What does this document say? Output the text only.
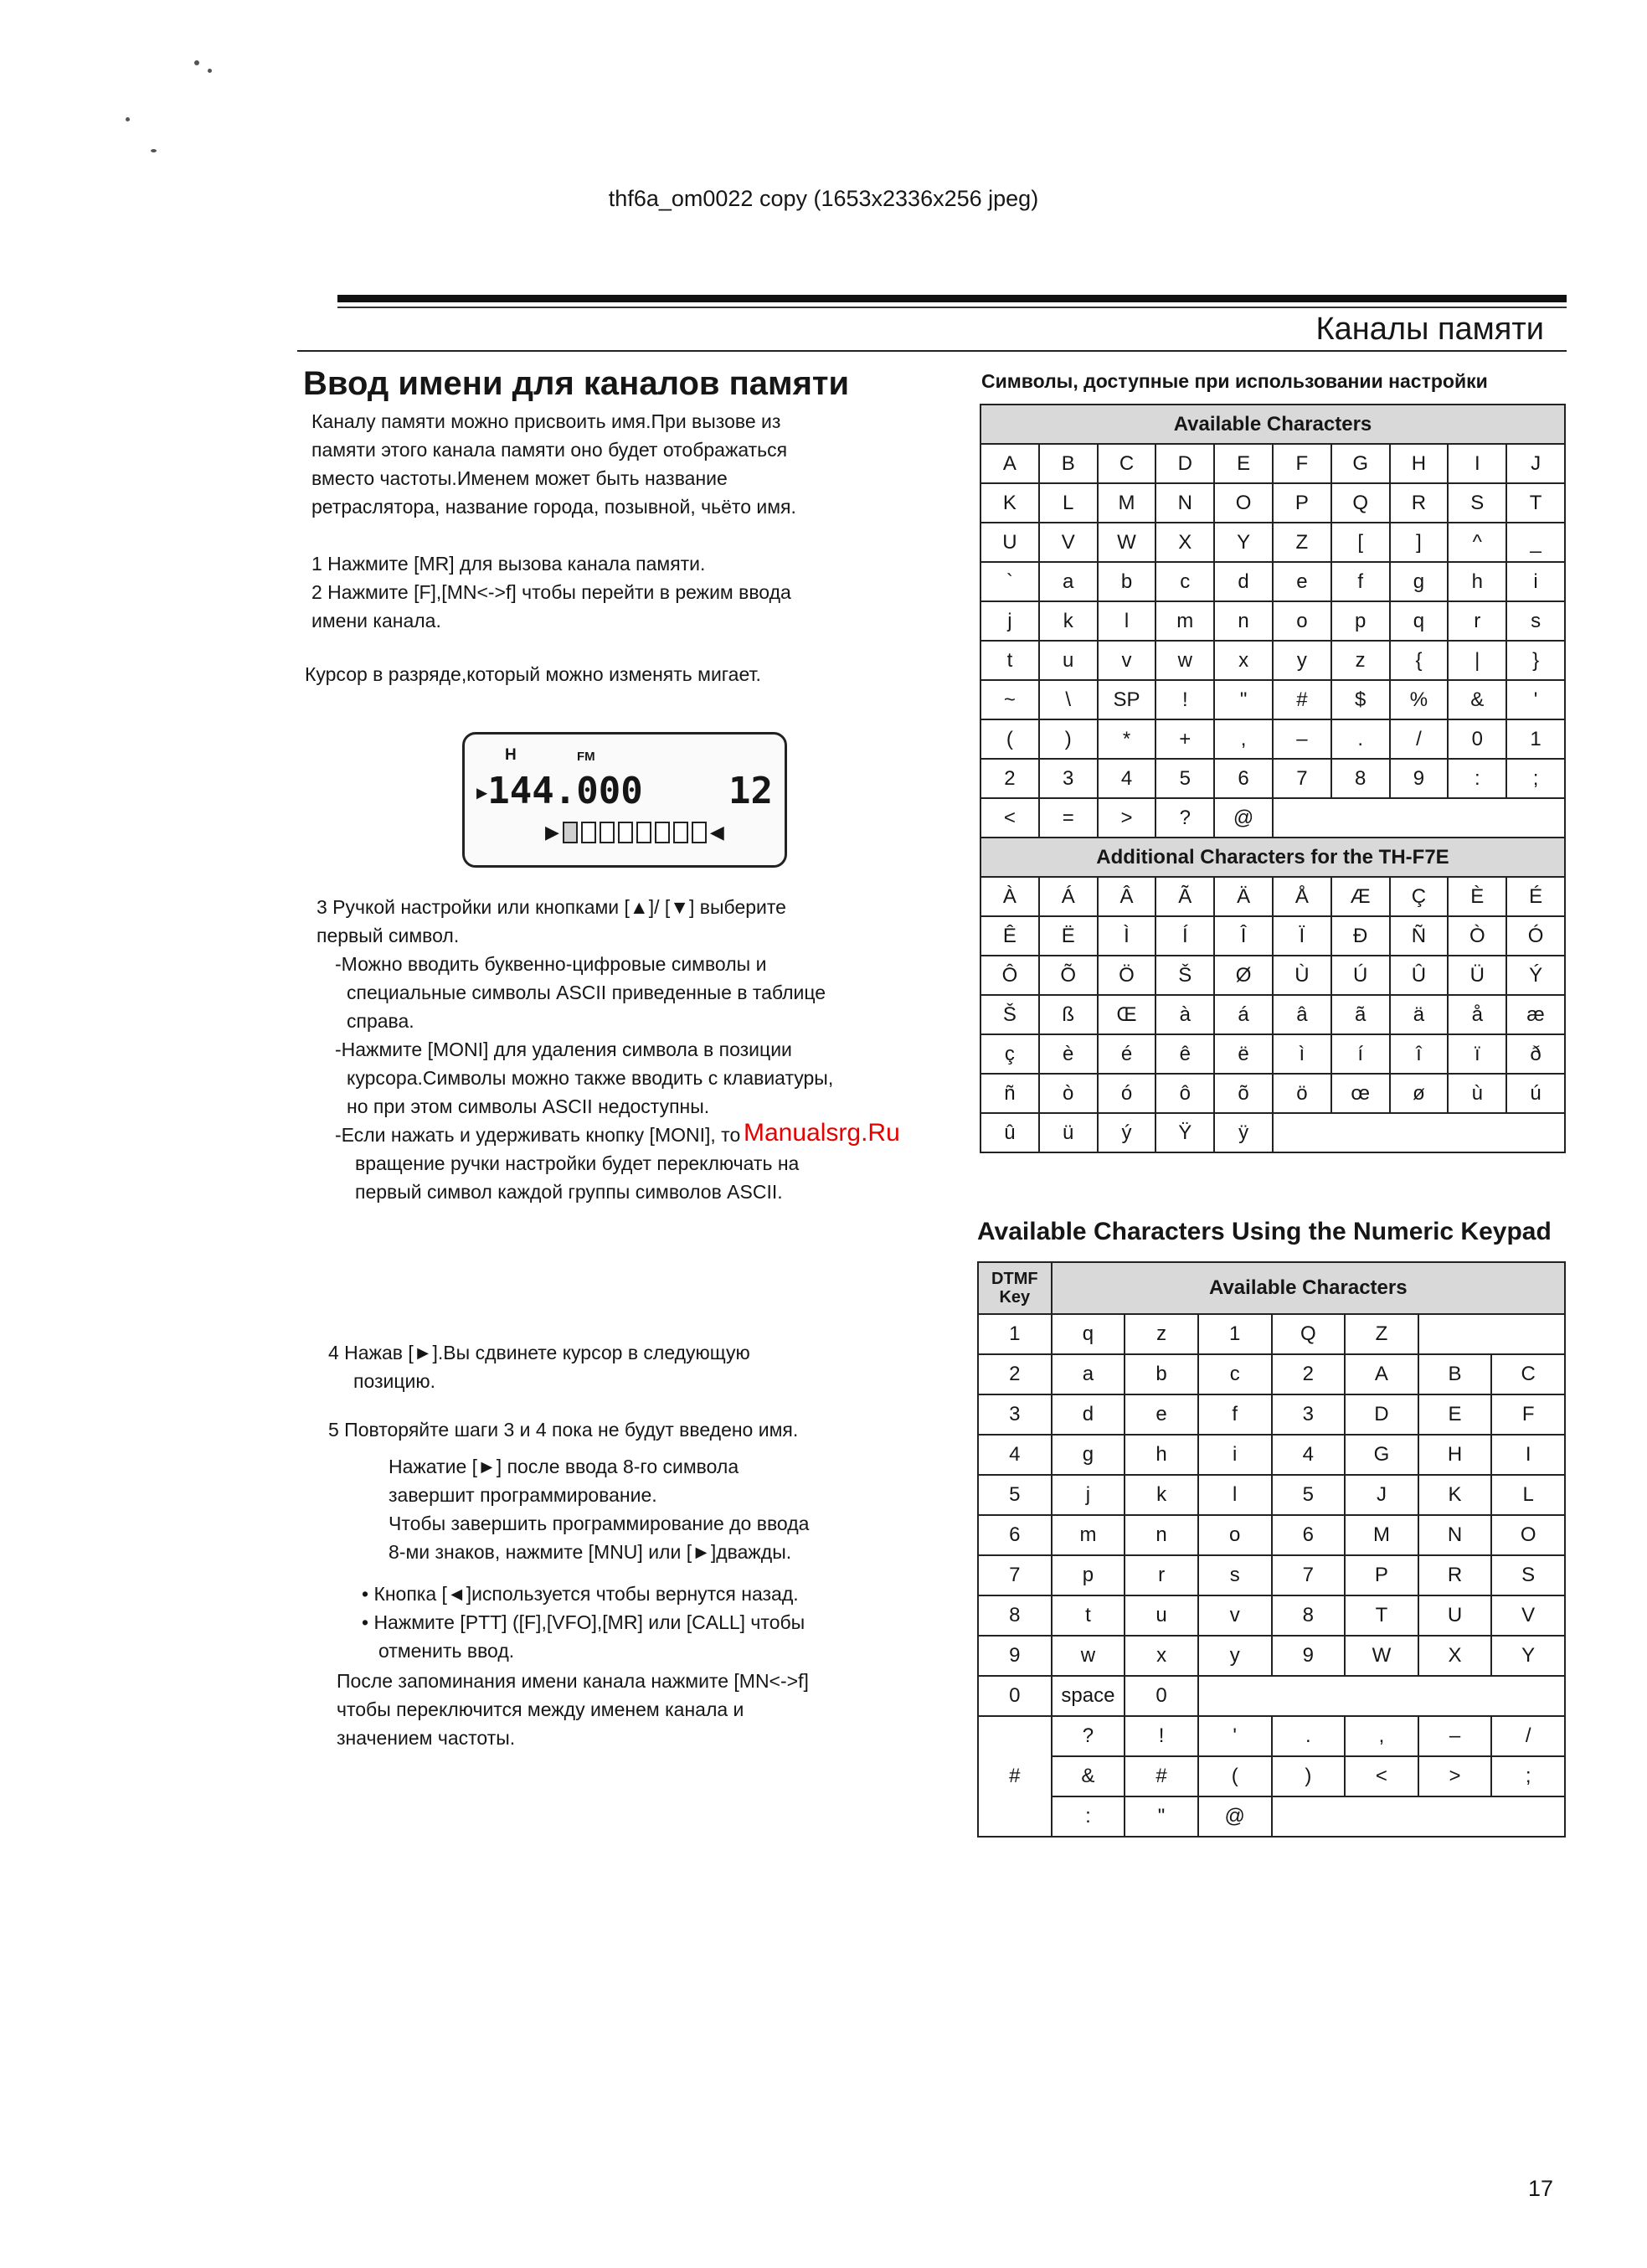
thf6a_om0022 copy (1653x2336x256 jpeg)
Каналы памяти
Ввод имени для каналов памяти

Каналу памяти можно присвоить имя.При вызове из

памяти этого канала памяти оно будет отображаться

вместо частоты.Именем может быть название

ретраслятора, название города, позывной, чьёто имя.

1 Нажмите [MR] для вызова канала памяти.

2 Нажмите [F],[MN<->f] чтобы перейти в режим ввода

имени канала.

Курсор в разряде,который можно изменять мигает.

H	FM
▶144.000 12
▶	◀

3 Ручкой настройки или кнопками [▲]/ [▼] выберите

первый символ.

-Можно вводить буквенно-цифровые символы и

специальные символы ASCII приведенные в таблице

справа.

-Нажмите [MONI] для удаления символа в позиции

курсора.Символы можно также вводить с клавиатуры,

но при этом символы ASCII недоступны.

-Если нажать и удерживать кнопку [MONI], то

вращение ручки настройки будет переключать на

первый символ каждой группы символов ASCII.

Manualsrg.Ru

4 Нажав [►].Вы сдвинете курсор в следующую

позицию.

5 Повторяйте шаги 3 и 4 пока не будут введено имя.

Нажатие [►] после ввода 8-го символа

завершит программирование.

Чтобы завершить программирование до ввода

8-ми знаков, нажмите [MNU] или [►]дважды.

• Кнопка [◄]используется чтобы вернутся назад.

• Нажмите [PTT] ([F],[VFO],[MR] или [CALL] чтобы

отменить ввод.

После запоминания имени канала нажмите [MN<->f]

чтобы переключится между именем канала и

значением частоты.

Символы, доступные при использовании настройки
Available Characters									
A	B	C	D	E	F	G	H	I	J
K	L	M	N	O	P	Q	R	S	T
U	V	W	X	Y	Z	[	]	^	_
`	a	b	c	d	e	f	g	h	i
j	k	l	m	n	o	p	q	r	s
t	u	v	w	x	y	z	{	|	}
~	\	SP	!	"	#	$	%	&	'
(	)	*	+	,	–	.	/	0	1
2	3	4	5	6	7	8	9	:	;
<	=	>	?	@					
Additional Characters for the TH-F7E									
À	Á	Â	Ã	Ä	Å	Æ	Ç	È	É
Ê	Ë	Ì	Í	Î	Ï	Đ	Ñ	Ò	Ó
Ô	Õ	Ö	Š	Ø	Ù	Ú	Û	Ü	Ý
Š	ß	Œ	à	á	â	ã	ä	å	æ
ç	è	é	ê	ë	ì	í	î	ï	ð
ñ	ò	ó	ô	õ	ö	œ	ø	ù	ú
û	ü	ý	Ÿ	ÿ					
Available Characters Using the Numeric Keypad
DTMF
Key	Available Characters						
1	q	z	1	Q	Z		
2	a	b	c	2	A	B	C
3	d	e	f	3	D	E	F
4	g	h	i	4	G	H	I
5	j	k	l	5	J	K	L
6	m	n	o	6	M	N	O
7	p	r	s	7	P	R	S
8	t	u	v	8	T	U	V
9	w	x	y	9	W	X	Y
0	space	0					
#	?	!	'	.	,	–	/
	&	#	(	)	<	>	;
	:	"	@				
17
